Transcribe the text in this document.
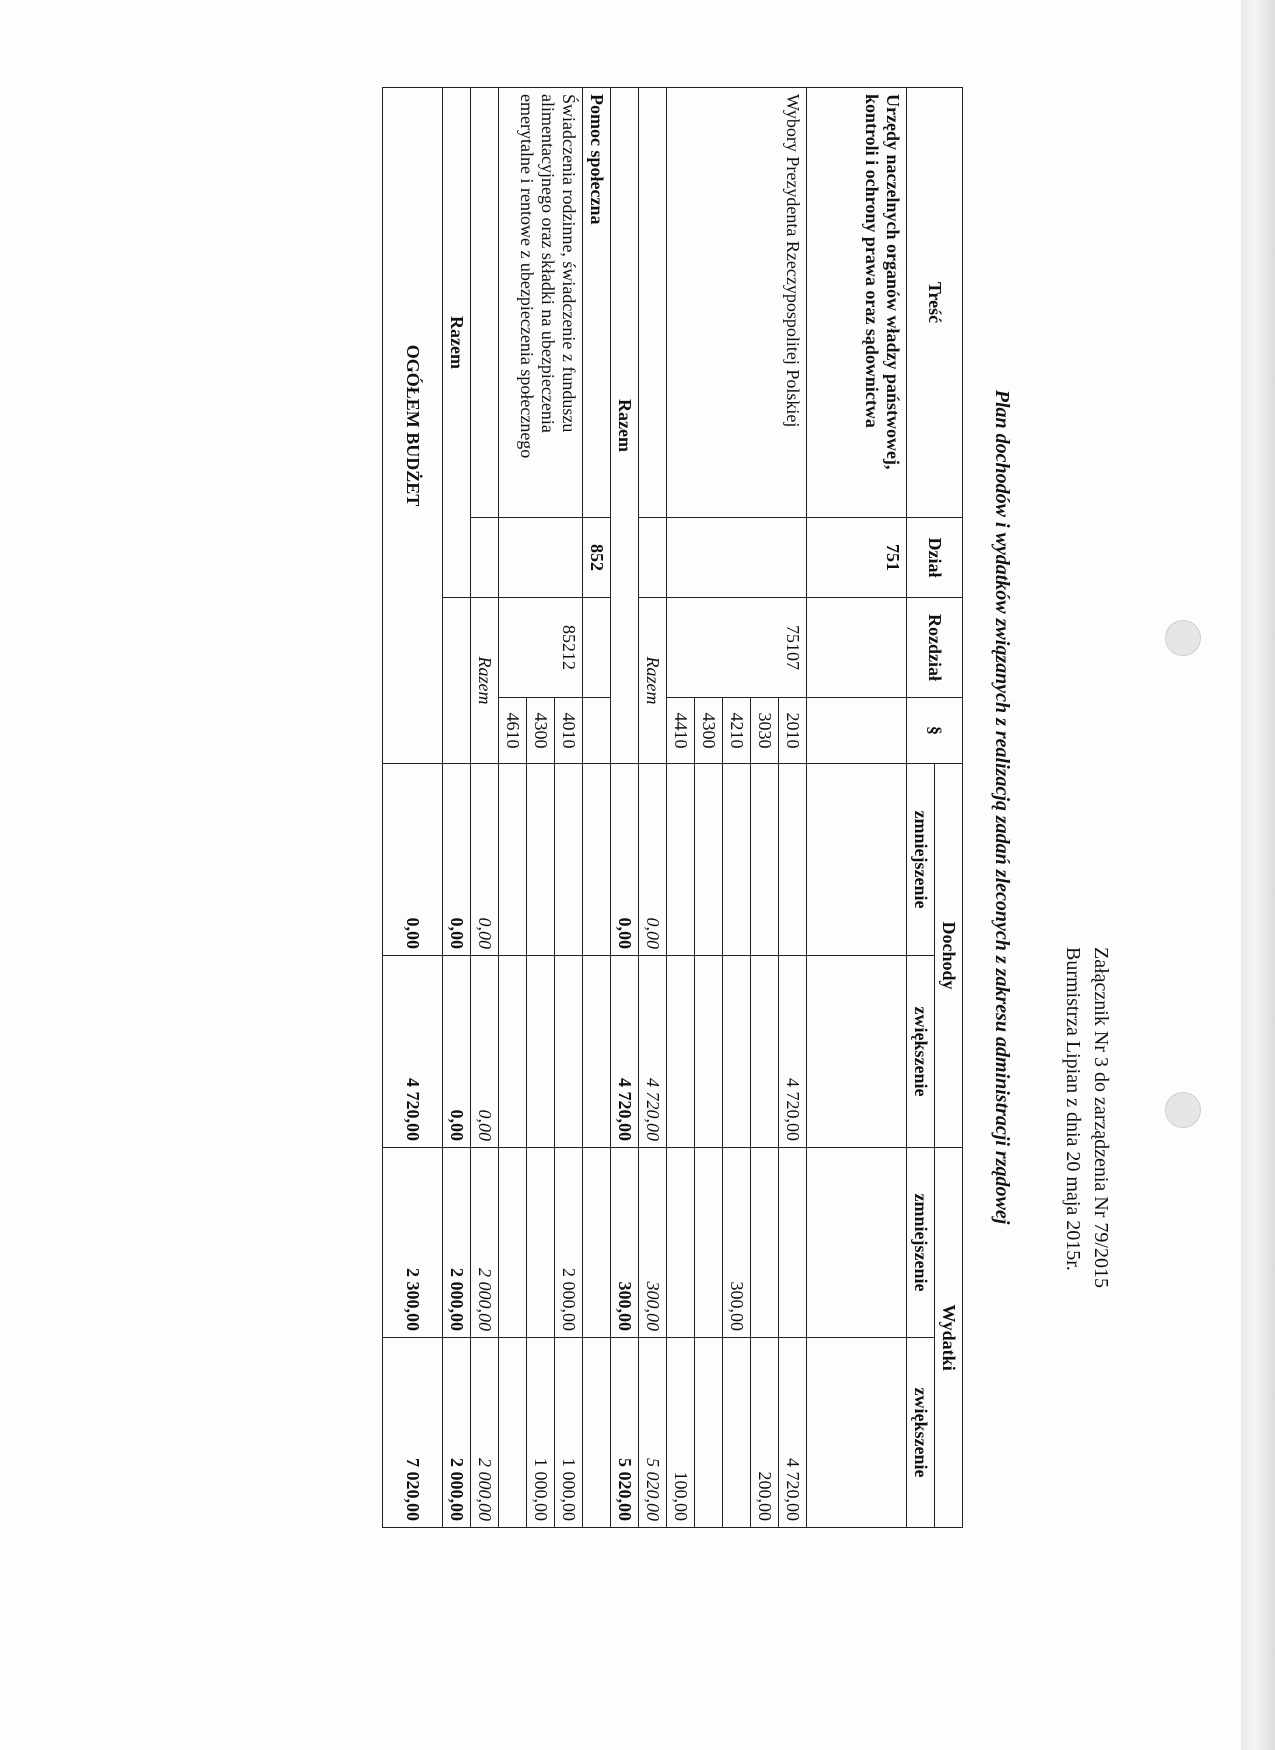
Załącznik Nr 3 do zarządzenia Nr 79/2015
Burmistrza Lipian z dnia 20 maja 2015r.
Plan dochodów i wydatków związanych z realizacją zadań zleconych z zakresu administracji rządowej
Treść	Dział	Rozdział	§	Dochody		Wydatki	
				zmniejszenie	zwiększenie	zmniejszenie	zwiększenie
Urzędy naczelnych organów władzy państwowej, kontroli i ochrony prawa oraz sądownictwa	751						
Wybory Prezydenta Rzeczypospolitej Polskiej		75107	2010		4 720,00		4 720,00
			3030				200,00
			4210			300,00	
			4300				
			4410				100,00
		Razem		0,00	4 720,00	300,00	5 020,00
Razem				0,00	4 720,00	300,00	5 020,00
Pomoc społeczna	852						
Świadczenia rodzinne, świadczenie z funduszu alimentacyjnego oraz składki na ubezpieczenia emerytalne i rentowe z ubezpieczenia społecznego		85212	4010			2 000,00	1 000,00
			4300				1 000,00
			4610				
		Razem		0,00	0,00	2 000,00	2 000,00
Razem				0,00	0,00	2 000,00	2 000,00
OGÓŁEM BUDŻET				0,00	4 720,00	2 300,00	7 020,00
